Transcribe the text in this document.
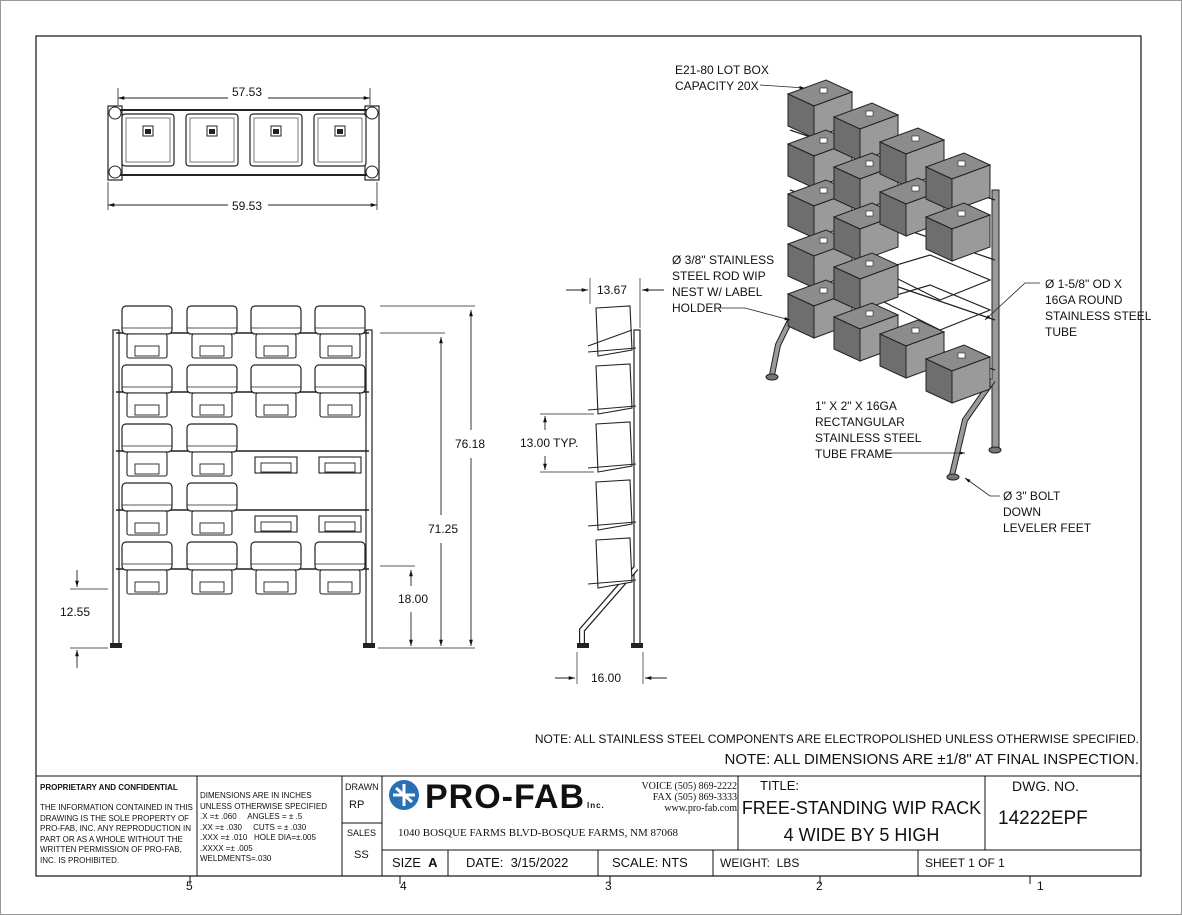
57.53
59.53
76.18
71.25
18.00
12.55
13.67
13.00 TYP.
16.00
E21-80 LOT BOX
CAPACITY 20X
Ø 3/8" STAINLESS
STEEL ROD WIP
NEST W/ LABEL
HOLDER
Ø 1-5/8" OD X
16GA ROUND
STAINLESS STEEL
TUBE
1" X 2" X 16GA
RECTANGULAR
STAINLESS STEEL
TUBE FRAME
Ø 3" BOLT
DOWN
LEVELER FEET
NOTE: ALL STAINLESS STEEL COMPONENTS ARE ELECTROPOLISHED UNLESS OTHERWISE SPECIFIED.
NOTE: ALL DIMENSIONS ARE ±1/8" AT FINAL INSPECTION.
PROPRIETARY AND CONFIDENTIAL
THE INFORMATION CONTAINED IN THIS DRAWING IS THE SOLE PROPERTY OF PRO-FAB, INC. ANY REPRODUCTION IN PART OR AS A WHOLE WITHOUT THE WRITTEN PERMISSION OF PRO-FAB, INC. IS PROHIBITED.
DIMENSIONS ARE IN INCHES
UNLESS OTHERWISE SPECIFIED
.X =± .060     ANGLES = ± .5
.XX =± .030     CUTS = ± .030
.XXX =± .010   HOLE DIA=±.005
.XXXX =± .005
WELDMENTS=.030
DRAWN
RP
SALES
SS
PRO-FAB Inc.
VOICE (505) 869-2222
FAX (505) 869-3333
www.pro-fab.com
1040 BOSQUE FARMS BLVD-BOSQUE FARMS, NM 87068
TITLE:
FREE-STANDING WIP RACK
4 WIDE BY 5 HIGH
DWG. NO.
14222EPF
SIZE A DATE: 3/15/2022	SCALE: NTS	WEIGHT:  LBS	SHEET 1 OF 1
5	4	3	2	1
